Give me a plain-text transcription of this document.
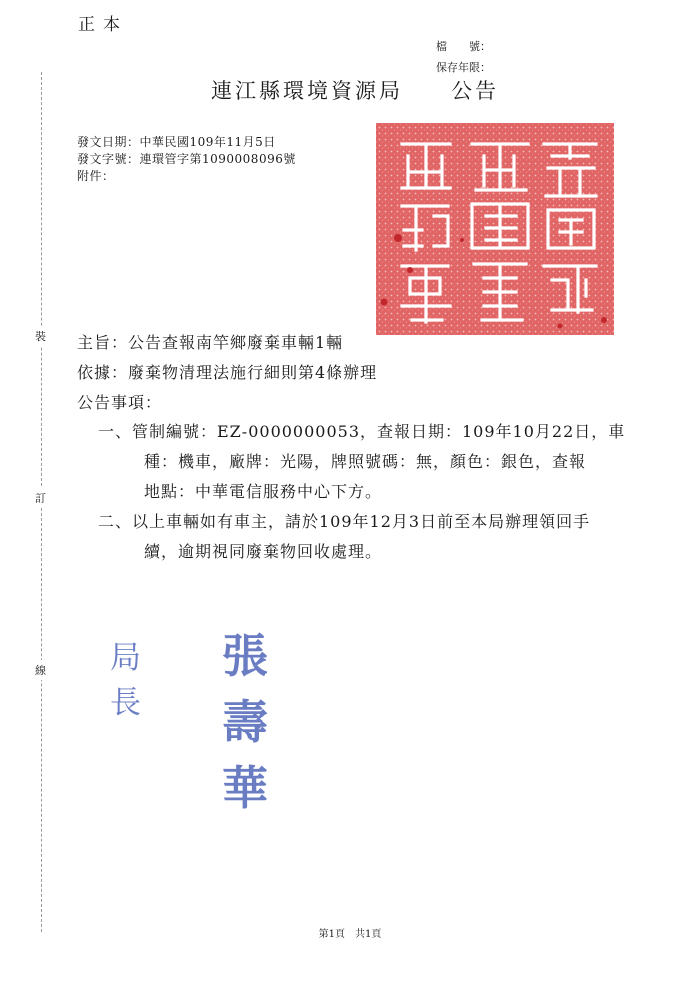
正本
檔　　號：
保存年限：
裝
訂
線
連江縣環境資源局　　公告
發文日期：中華民國109年11月5日
發文字號：連環管字第1090008096號
附件：
主旨：公告查報南竿鄉廢棄車輛1輛
依據：廢棄物清理法施行細則第4條辦理
公告事項：
一、管制編號：EZ-0000000053，查報日期：109年10月22日，車
種：機車，廠牌：光陽，牌照號碼：無，顏色：銀色，查報
地點：中華電信服務中心下方。
二、以上車輛如有車主，請於109年12月3日前至本局辦理領回手
續，逾期視同廢棄物回收處理。
局長
張壽華
第1頁　共1頁
